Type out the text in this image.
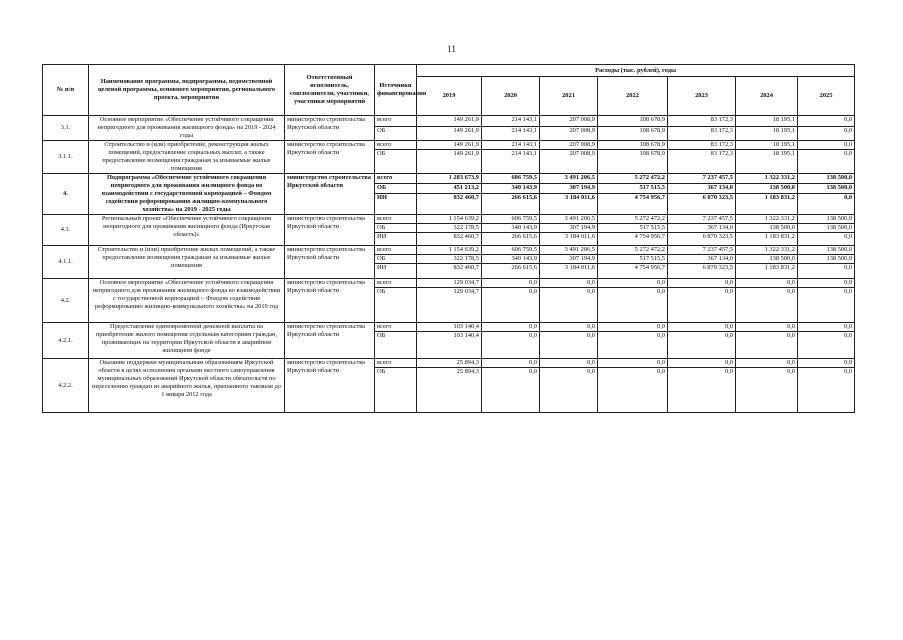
11
№ п/п	Наименование программы, подпрограммы, ведомственной целевой программы, основного мероприятия, регионального проекта, мероприятия	Ответственный исполнитель, соисполнители, участники, участники мероприятий	Источники финансирования	Расходы (тыс. рублей), годы						
				2019	2020	2021	2022	2023	2024	2025
3.1.	Основное мероприятие «Обеспечение устойчивого сокращения непригодного для проживания жилищного фонда» на 2019 - 2024 годы	министерство строительства Иркутской области	всего	149 261,9	214 143,1	207 008,9	108 678,9	83 172,3	18 195,1	0,0
			ОБ	149 261,9	214 143,1	207 008,9	108 678,9	83 172,3	18 195,1	0,0
3.1.1.	Строительство и (или) приобретение, реконструкция жилых помещений, предоставление социальных выплат, а также предоставление возмещения гражданам за изымаемые жилые помещения	министерство строительства Иркутской области	всего	149 261,9	214 143,1	207 008,9	108 678,9	83 172,3	18 195,1	0,0
			ОБ	149 261,9	214 143,1	207 008,9	108 678,9	83 172,3	18 195,1	0,0
4.	Подпрограмма «Обеспечение устойчивого сокращения непригодного для проживания жилищного фонда во взаимодействии с государственной корпорацией – Фондом содействия реформированию жилищно-коммунального хозяйства» на 2019 - 2025 годы	министерство строительства Иркутской области	всего	1 283 673,9	606 759,5	3 491 206,5	5 272 472,2	7 237 457,5	1 322 331,2	138 500,0
			ОБ	451 213,2	340 143,9	307 194,9	517 515,5	367 134,0	138 500,0	138 500,0
			ИИ	832 460,7	266 615,6	3 184 011,6	4 754 956,7	6 870 323,5	1 183 831,2	0,0
4.1.	Региональный проект «Обеспечение устойчивого сокращения непригодного для проживания жилищного фонда (Иркутская область)»	министерство строительства Иркутской области	всего	1 154 639,2	606 759,5	3 491 206,5	5 272 472,2	7 237 457,5	1 322 331,2	138 500,0
			ОБ	322 178,5	340 143,9	307 194,9	517 515,5	367 134,0	138 500,0	138 500,0
			ИИ	832 460,7	266 615,6	3 184 011,6	4 754 956,7	6 870 323,5	1 183 831,2	0,0
4.1.1.	Строительство и (или) приобретение жилых помещений, а также предоставление возмещения гражданам за изымаемые жилые помещения	министерство строительства Иркутской области	всего	1 154 639,2	606 759,5	3 491 206,5	5 272 472,2	7 237 457,5	1 322 331,2	138 500,0
			ОБ	322 178,5	340 143,9	307 194,9	517 515,5	367 134,0	138 500,0	138 500,0
			ИИ	832 460,7	266 615,6	3 184 011,6	4 754 956,7	6 870 323,5	1 183 831,2	0,0
4.2.	Основное мероприятие «Обеспечение устойчивого сокращения непригодного для проживания жилищного фонда во взаимодействии с государственной корпорацией – Фондом содействия реформированию жилищно-коммунального хозяйства» на 2019 год	министерство строительства Иркутской области	всего	129 034,7	0,0	0,0	0,0	0,0	0,0	0,0
			ОБ	129 034,7	0,0	0,0	0,0	0,0	0,0	0,0
4.2.1.	Предоставление единовременной денежной выплаты на приобретение жилого помещения отдельным категориям граждан, проживающих на территории Иркутской области в аварийном жилищном фонде	министерство строительства Иркутской области	всего	103 140,4	0,0	0,0	0,0	0,0	0,0	0,0
			ОБ	103 140,4	0,0	0,0	0,0	0,0	0,0	0,0
4.2.2.	Оказание поддержки муниципальным образованиям Иркутской области в целях исполнения органами местного самоуправления муниципальных образований Иркутской области обязательств по переселению граждан из аварийного жилья, признанного таковым до 1 января 2012 года	министерство строительства Иркутской области	всего	25 894,3	0,0	0,0	0,0	0,0	0,0	0,0
			ОБ	25 894,3	0,0	0,0	0,0	0,0	0,0	0,0
